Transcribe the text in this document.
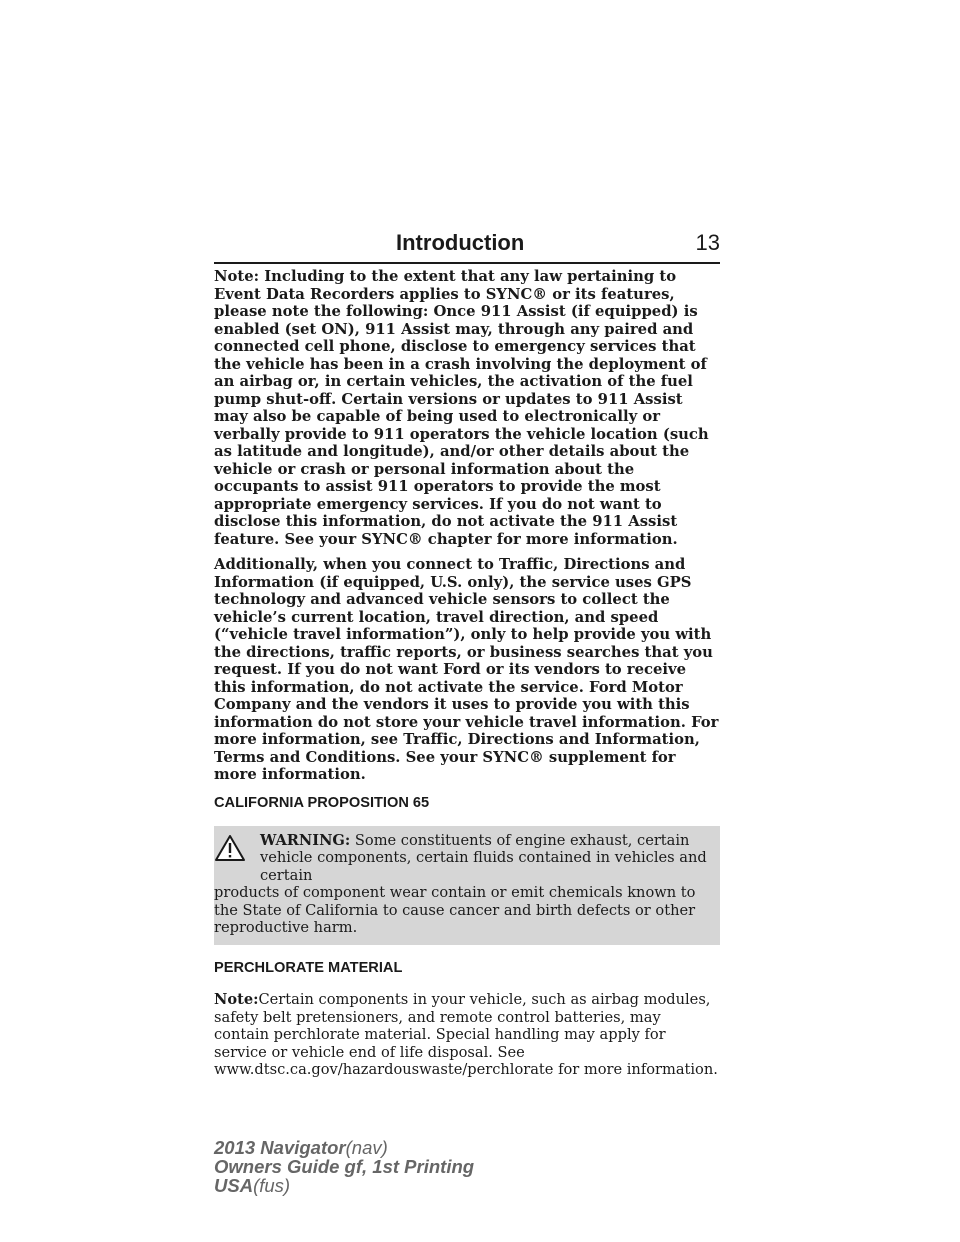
Introduction	13

Note: Including to the extent that any law pertaining to Event Data Recorders applies to SYNC® or its features, please note the following: Once 911 Assist (if equipped) is enabled (set ON), 911 Assist may, through any paired and connected cell phone, disclose to emergency services that the vehicle has been in a crash involving the deployment of an airbag or, in certain vehicles, the activation of the fuel pump shut-off. Certain versions or updates to 911 Assist may also be capable of being used to electronically or verbally provide to 911 operators the vehicle location (such as latitude and longitude), and/or other details about the vehicle or crash or personal information about the occupants to assist 911 operators to provide the most appropriate emergency services. If you do not want to disclose this information, do not activate the 911 Assist feature. See your SYNC® chapter for more information.

Additionally, when you connect to Traffic, Directions and Information (if equipped, U.S. only), the service uses GPS technology and advanced vehicle sensors to collect the vehicle’s current location, travel direction, and speed (“vehicle travel information”), only to help provide you with the directions, traffic reports, or business searches that you request. If you do not want Ford or its vendors to receive this information, do not activate the service. Ford Motor Company and the vendors it uses to provide you with this information do not store your vehicle travel information. For more information, see Traffic, Directions and Information, Terms and Conditions. See your SYNC® supplement for more information.

CALIFORNIA PROPOSITION 65
WARNING: Some constituents of engine exhaust, certain vehicle components, certain fluids contained in vehicles and certain
products of component wear contain or emit chemicals known to the State of California to cause cancer and birth defects or other reproductive harm.
PERCHLORATE MATERIAL

Note:Certain components in your vehicle, such as airbag modules, safety belt pretensioners, and remote control batteries, may contain perchlorate material. Special handling may apply for service or vehicle end of life disposal. See www.dtsc.ca.gov/hazardouswaste/perchlorate for more information.

2013 Navigator(nav)
Owners Guide gf, 1st Printing
USA(fus)
